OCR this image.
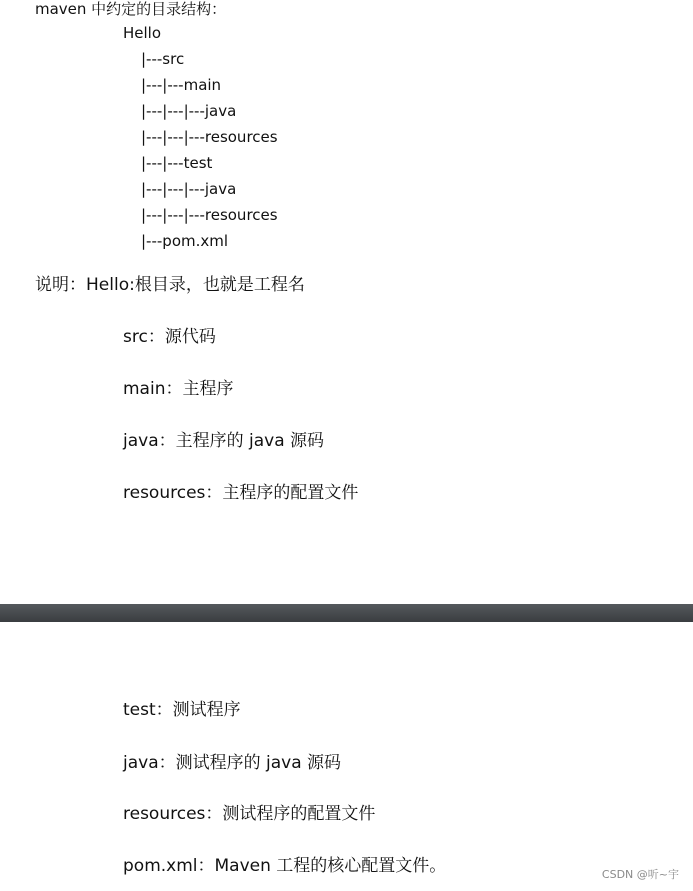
maven 中约定的目录结构：
Hello
|---src
|---|---main
|---|---|---java
|---|---|---resources
|---|---test
|---|---|---java
|---|---|---resources
|---pom.xml
说明：Hello:根目录，也就是工程名
src：源代码
main：主程序
java：主程序的 java 源码
resources：主程序的配置文件
test：测试程序
java：测试程序的 java 源码
resources：测试程序的配置文件
pom.xml：Maven 工程的核心配置文件。	CSDN @听~宇
